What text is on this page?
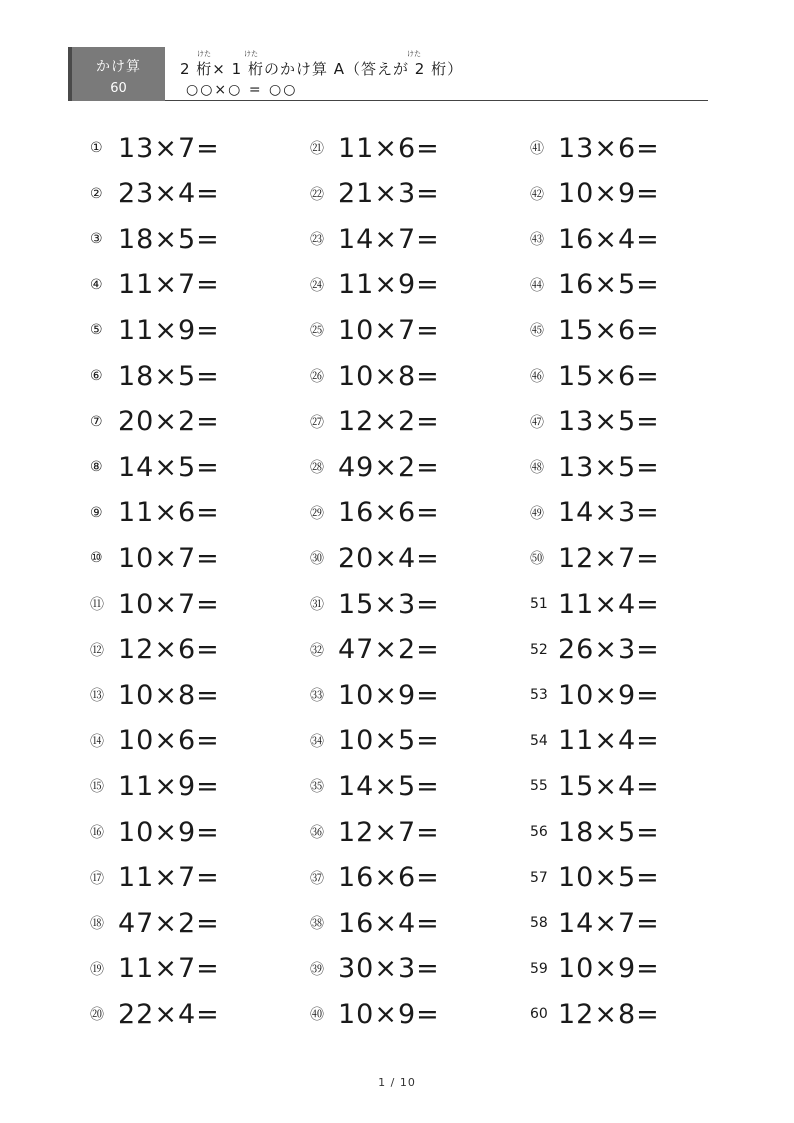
かけ算
60
けた	けた	けた
2 桁× 1 桁のかけ算 A（答えが 2 桁）
○○×○ = ○○
① 13×7=
② 23×4=
③ 18×5=
④ 11×7=
⑤ 11×9=
⑥ 18×5=
⑦ 20×2=
⑧ 14×5=
⑨ 11×6=
⑩ 10×7=
⑪ 10×7=
⑫ 12×6=
⑬ 10×8=
⑭ 10×6=
⑮ 11×9=
⑯ 10×9=
⑰ 11×7=
⑱ 47×2=
⑲ 11×7=
⑳ 22×4=
㉑ 11×6=
㉒ 21×3=
㉓ 14×7=
㉔ 11×9=
㉕ 10×7=
㉖ 10×8=
㉗ 12×2=
㉘ 49×2=
㉙ 16×6=
㉚ 20×4=
㉛ 15×3=
㉜ 47×2=
㉝ 10×9=
㉞ 10×5=
㉟ 14×5=
㊱ 12×7=
㊲ 16×6=
㊳ 16×4=
㊴ 30×3=
㊵ 10×9=
㊶ 13×6=
㊷ 10×9=
㊸ 16×4=
㊹ 16×5=
㊺ 15×6=
㊻ 15×6=
㊼ 13×5=
㊽ 13×5=
㊾ 14×3=
㊿ 12×7=
51 11×4=
52 26×3=
53 10×9=
54 11×4=
55 15×4=
56 18×5=
57 10×5=
58 14×7=
59 10×9=
60 12×8=
1 / 10
